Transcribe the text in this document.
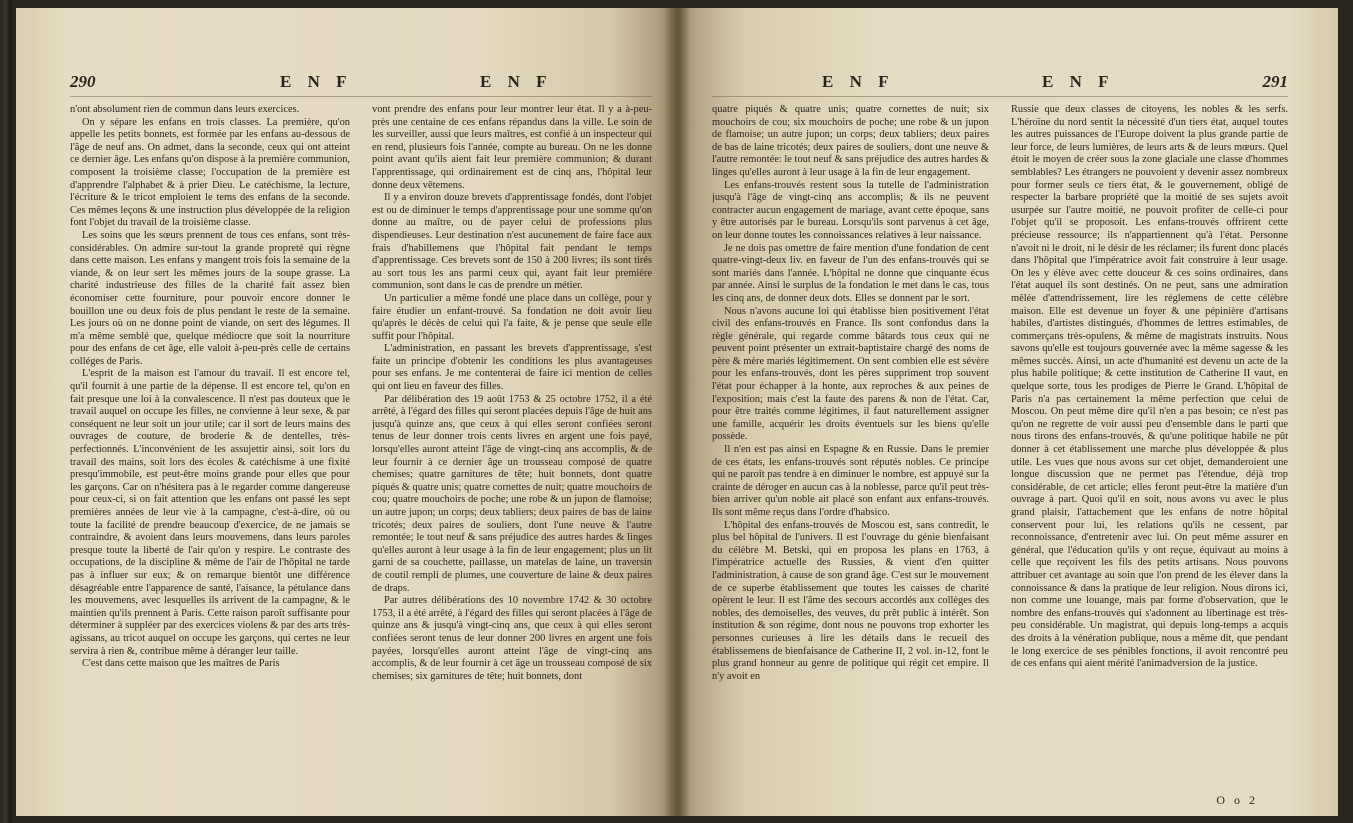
290	E N F	E N F

n'ont absolument rien de commun dans leurs exercices.

On y sépare les enfans en trois classes. La première, qu'on appelle les petits bonnets, est formée par les enfans au-dessous de l'âge de neuf ans. On admet, dans la seconde, ceux qui ont atteint ce dernier âge. Les enfans qu'on dispose à la première communion, composent la troisième classe; l'occupation de la première est d'apprendre l'alphabet & à prier Dieu. Le catéchisme, la lecture, l'écriture & le tricot emploient le tems des enfans de la seconde. Ces mêmes leçons & une instruction plus développée de la religion font l'objet du travail de la troisième classe.

Les soins que les sœurs prennent de tous ces enfans, sont très-considérables. On admire sur-tout la grande propreté qui règne dans cette maison. Les enfans y mangent trois fois la semaine de la viande, & on leur sert les mêmes jours de la soupe grasse. La charité industrieuse des filles de la charité fait assez bien économiser cette fourniture, pour pouvoir encore donner le bouillon une ou deux fois de plus pendant le reste de la semaine. Les jours où on ne donne point de viande, on sert des légumes. Il m'a même semblé que, quelque médiocre que soit la nourriture pour des enfans de cet âge, elle valoit à-peu-près celle de certains colléges de Paris.

L'esprit de la maison est l'amour du travail. Il est encore tel, qu'il fournit à une partie de la dépense. Il est encore tel, qu'on en fait presque une loi à la convalescence. Il n'est pas douteux que le travail auquel on occupe les filles, ne convienne à leur sexe, & par conséquent ne leur soit un jour utile; car il sort de leurs mains des ouvrages de couture, de broderie & de dentelles, très-perfectionnés. L'inconvénient de les assujettir ainsi, soit lors du travail des mains, soit lors des écoles & catéchisme à une fixité presqu'immobile, est peut-être moins grande pour elles que pour les garçons. Car on n'hésitera pas à le regarder comme dangereuse pour ceux-ci, si on fait attention que les enfans ont passé les sept premières années de leur vie à la campagne, c'est-à-dire, où ou toute la facilité de prendre beaucoup d'exercice, de ne jamais se contraindre, & avoient dans leurs mouvemens, dans leurs paroles presque toute la liberté de l'air qu'on y respire. Le contraste des occupations, de la discipline & même de l'air de l'hôpital ne tarde pas à influer sur eux; & on remarque bientôt une différence désagréable entre l'apparence de santé, l'aisance, la pétulance dans les mouvemens, avec lesquelles ils arrivent de la campagne, & le maintien qu'ils prennent à Paris. Cette raison paroît suffisante pour déterminer à suppléer par des exercices violens & par des arts très-agissans, au tricot auquel on occupe les garçons, qui certes ne leur servira à rien &, contribue même à déranger leur taille.

C'est dans cette maison que les maîtres de Paris

vont prendre des enfans pour leur montrer leur état. Il y a à-peu-près une centaine de ces enfans répandus dans la ville. Le soin de les surveiller, aussi que leurs maîtres, est confié à un inspecteur qui en rend, plusieurs fois l'année, compte au bureau. On ne les donne point avant qu'ils aient fait leur première communion; & durant l'apprentissage, qui ordinairement est de cinq ans, l'hôpital leur donne deux vêtemens.

Il y a environ douze brevets d'apprentissage fondés, dont l'objet est ou de diminuer le temps d'apprentissage pour une somme qu'on donne au maître, ou de payer celui de professions plus dispendieuses. Leur destination n'est aucunement de faire face aux frais d'habillemens que l'hôpital fait pendant le temps d'apprentissage. Ces brevets sont de 150 à 200 livres; ils sont tirés au sort tous les ans parmi ceux qui, ayant fait leur première communion, sont dans le cas de prendre un métier.

Un particulier a même fondé une place dans un collège, pour y faire étudier un enfant-trouvé. Sa fondation ne doit avoir lieu qu'après le décès de celui qui l'a faite, & je pense que seule elle suffit pour l'hôpital.

L'administration, en passant les brevets d'apprentissage, s'est faite un principe d'obtenir les conditions les plus avantageuses pour ses enfans. Je me contenterai de faire ici mention de celles qui ont lieu en faveur des filles.

Par délibération des 19 août 1753 & 25 octobre 1752, il a été arrêté, à l'égard des filles qui seront placées depuis l'âge de huit ans jusqu'à quinze ans, que ceux à qui elles seront confiées seront tenus de leur donner trois cents livres en argent une fois payé, lorsqu'elles auront atteint l'âge de vingt-cinq ans accomplis, & de leur fournir à ce dernier âge un trousseau composé de quatre chemises; quatre garnitures de tête; huit bonnets, dont quatre piqués & quatre unis; quatre cornettes de nuit; quatre mouchoirs de cou; quatre mouchoirs de poche; une robe & un jupon de flamoise; un autre jupon; un corps; deux tabliers; deux paires de bas de laine tricotés; deux paires de souliers, dont l'une neuve & l'autre remontée; le tout neuf & sans préjudice des autres hardes & linges qu'elles auront à leur usage à la fin de leur engagement; plus un lit garni de sa couchette, paillasse, un matelas de laine, un traversin de coutil rempli de plumes, une couverture de laine & deux paires de draps.

Par autres délibérations des 10 novembre 1742 & 30 octobre 1753, il a été arrêté, à l'égard des filles qui seront placées à l'âge de quinze ans & jusqu'à vingt-cinq ans, que ceux à qui elles seront confiées seront tenus de leur donner 200 livres en argent une fois payées, lorsqu'elles auront atteint l'âge de vingt-cinq ans accomplis, & de leur fournir à cet âge un trousseau composé de six chemises; six garnitures de tête; huit bonnets, dont

E N F	E N F	291

quatre piqués & quatre unis; quatre cornettes de nuit; six mouchoirs de cou; six mouchoirs de poche; une robe & un jupon de flamoise; un autre jupon; un corps; deux tabliers; deux paires de bas de laine tricotés; deux paires de souliers, dont une neuve & l'autre remontée: le tout neuf & sans préjudice des autres hardes & linges qu'elles auront à leur usage à la fin de leur engagement.

Les enfans-trouvés restent sous la tutelle de l'administration jusqu'à l'âge de vingt-cinq ans accomplis; & ils ne peuvent contracter aucun engagement de mariage, avant cette époque, sans y être autorisés par le bureau. Lorsqu'ils sont parvenus à cet âge, on leur donne toutes les connoissances relatives à leur naissance.

Je ne dois pas omettre de faire mention d'une fondation de cent quatre-vingt-deux liv. en faveur de l'un des enfans-trouvés qui se sont mariés dans l'année. L'hôpital ne donne que cinquante écus par année. Ainsi le surplus de la fondation le met dans le cas, tous les cinq ans, de donner deux dots. Elles se donnent par le sort.

Nous n'avons aucune loi qui établisse bien positivement l'état civil des enfans-trouvés en France. Ils sont confondus dans la règle générale, qui regarde comme bâtards tous ceux qui ne peuvent point présenter un extrait-baptistaire chargé des noms de père & mère mariés légitimement. On sent combien elle est sévère pour les enfans-trouvés, dont les pères suppriment trop souvent l'état pour échapper à la honte, aux reproches & aux peines de l'exposition; mais c'est la faute des parens & non de l'état. Car, pour être traités comme légitimes, il faut naturellement assigner une famille, acquérir les droits éventuels sur les biens qu'elle possède.

Il n'en est pas ainsi en Espagne & en Russie. Dans le premier de ces états, les enfans-trouvés sont réputés nobles. Ce principe qui ne paroît pas tendre à en diminuer le nombre, est appuyé sur la crainte de déroger en aucun cas à la noblesse, parce qu'il peut très-bien arriver qu'un noble ait placé son enfant aux enfans-trouvés. Ils sont même reçus dans l'ordre d'habsico.

L'hôpital des enfans-trouvés de Moscou est, sans contredit, le plus bel hôpital de l'univers. Il est l'ouvrage du génie bienfaisant du célèbre M. Betski, qui en proposa les plans en 1763, à l'impératrice actuelle des Russies, & vient d'en quitter l'administration, à cause de son grand âge. C'est sur le mouvement de ce superbe établissement que toutes les caisses de charité opèrent le leur. Il est l'âme des secours accordés aux collèges des nobles, des demoiselles, des veuves, du prêt public à intérêt. Son institution & son régime, dont nous ne pouvons trop exhorter les personnes curieuses à lire les détails dans le recueil des établissemens de bienfaisance de Catherine II, 2 vol. in-12, font le plus grand honneur au genre de politique qui régit cet empire. Il n'y avoit en

Russie que deux classes de citoyens, les nobles & les serfs. L'héroïne du nord sentit la nécessité d'un tiers état, auquel toutes les autres puissances de l'Europe doivent la plus grande partie de leur force, de leurs lumières, de leurs arts & de leurs mœurs. Quel étoit le moyen de créer sous la zone glaciale une classe d'hommes semblables? Les étrangers ne pouvoient y devenir assez nombreux pour former seuls ce tiers état, & le gouvernement, obligé de respecter la barbare propriété que la moitié de ses sujets avoit usurpée sur l'autre moitié, ne pouvoit profiter de celle-ci pour l'objet qu'il se proposoit. Les enfans-trouvés offrirent cette précieuse ressource; ils n'appartiennent qu'à l'état. Personne n'avoit ni le droit, ni le désir de les réclamer; ils furent donc placés dans l'hôpital que l'impératrice avoit fait construire à leur usage. On les y élève avec cette douceur & ces soins ordinaires, dans l'état auquel ils sont destinés. On ne peut, sans une admiration mêlée d'attendrissement, lire les réglemens de cette célèbre maison. Elle est devenue un foyer & une pépinière d'artisans habiles, d'artistes distingués, d'hommes de lettres estimables, de commerçans très-opulens, & même de magistrats instruits. Nous savons qu'elle est toujours gouvernée avec la même sagesse & les mêmes succès. Ainsi, un acte d'humanité est devenu un acte de la plus habile politique; & cette institution de Catherine II vaut, en quelque sorte, tous les prodiges de Pierre le Grand. L'hôpital de Paris n'a pas certainement la même perfection que celui de Moscou. On peut même dire qu'il n'en a pas besoin; ce n'est pas qu'on ne regrette de voir aussi peu d'ensemble dans le parti que nous tirons des enfans-trouvés, & qu'une politique habile ne pût donner à cet établissement une marche plus développée & plus utile. Les vues que nous avons sur cet objet, demanderoient une longue discussion que ne permet pas l'étendue, déjà trop considérable, de cet article; elles feront peut-être la matière d'un ouvrage à part. Quoi qu'il en soit, nous avons vu avec le plus grand plaisir, l'attachement que les enfans de notre hôpital conservent pour lui, les relations qu'ils ne cessent, par reconnoissance, d'entretenir avec lui. On peut même assurer en général, que l'éducation qu'ils y ont reçue, équivaut au moins à celle que reçoivent les fils des petits artisans. Nous pouvons attribuer cet avantage au soin que l'on prend de les élever dans la connoissance & dans la pratique de leur religion. Nous dirons ici, non comme une louange, mais par forme d'observation, que le nombre des enfans-trouvés qui s'adonnent au libertinage est très-peu considérable. Un magistrat, qui depuis long-temps a acquis des droits à la vénération publique, nous a même dit, que pendant le long exercice de ses pénibles fonctions, il avoit rencontré peu de ces enfans qui aient mérité l'animadversion de la justice.

O o 2
